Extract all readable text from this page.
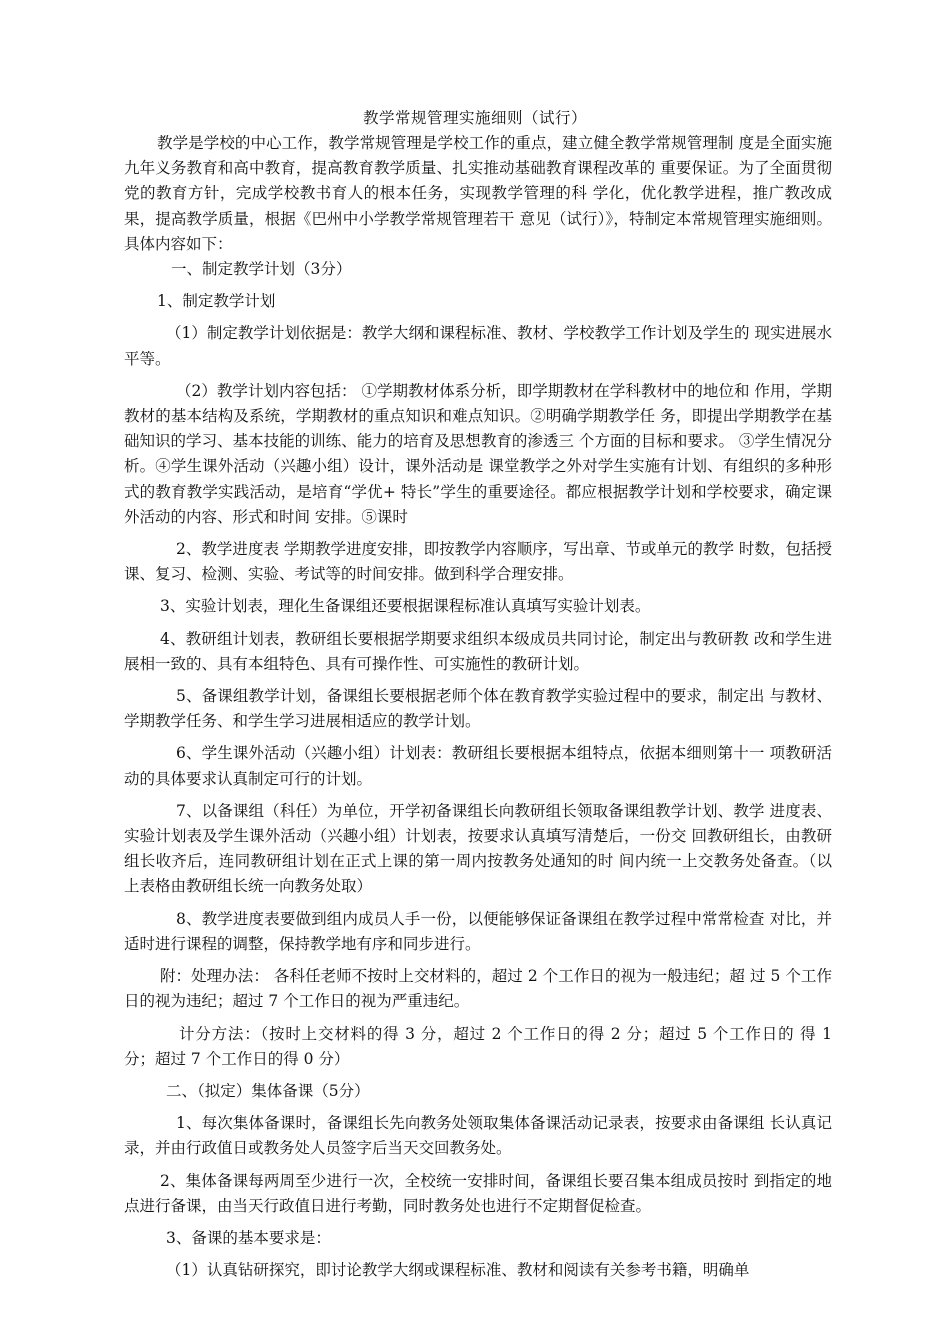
教学常规管理实施细则（试行）

教学是学校的中心工作，教学常规管理是学校工作的重点，建立健全教学常规管理制 度是全面实施九年义务教育和高中教育，提高教育教学质量、扎实推动基础教育课程改革的 重要保证。为了全面贯彻党的教育方针，完成学校教书育人的根本任务，实现教学管理的科 学化，优化教学进程，推广教改成果，提高教学质量，根据《巴州中小学教学常规管理若干 意见（试行）》，特制定本常规管理实施细则。具体内容如下：

一、制定教学计划（3分）

1、制定教学计划

（1）制定教学计划依据是：教学大纲和课程标准、教材、学校教学工作计划及学生的 现实进展水平等。

（2）教学计划内容包括： ①学期教材体系分析，即学期教材在学科教材中的地位和 作用，学期教材的基本结构及系统，学期教材的重点知识和难点知识。②明确学期教学任 务，即提出学期教学在基础知识的学习、基本技能的训练、能力的培育及思想教育的渗透三 个方面的目标和要求。 ③学生情况分析。④学生课外活动（兴趣小组）设计，课外活动是 课堂教学之外对学生实施有计划、有组织的多种形式的教育教学实践活动，是培育“学优+ 特长”学生的重要途径。都应根据教学计划和学校要求，确定课外活动的内容、形式和时间 安排。⑤课时

2、教学进度表 学期教学进度安排，即按教学内容顺序，写出章、节或单元的教学 时数，包括授课、复习、检测、实验、考试等的时间安排。做到科学合理安排。

3、实验计划表，理化生备课组还要根据课程标准认真填写实验计划表。

4、教研组计划表，教研组长要根据学期要求组织本级成员共同讨论，制定出与教研教 改和学生进展相一致的、具有本组特色、具有可操作性、可实施性的教研计划。

5、备课组教学计划，备课组长要根据老师个体在教育教学实验过程中的要求，制定出 与教材、学期教学任务、和学生学习进展相适应的教学计划。

6、学生课外活动（兴趣小组）计划表：教研组长要根据本组特点，依据本细则第十一 项教研活动的具体要求认真制定可行的计划。

7、以备课组（科任）为单位，开学初备课组长向教研组长领取备课组教学计划、教学 进度表、实验计划表及学生课外活动（兴趣小组）计划表，按要求认真填写清楚后，一份交 回教研组长，由教研组长收齐后，连同教研组计划在正式上课的第一周内按教务处通知的时 间内统一上交教务处备查。（以上表格由教研组长统一向教务处取）

8、教学进度表要做到组内成员人手一份，以便能够保证备课组在教学过程中常常检查 对比，并适时进行课程的调整，保持教学地有序和同步进行。

附：处理办法： 各科任老师不按时上交材料的，超过 2 个工作日的视为一般违纪；超 过 5 个工作日的视为违纪；超过 7 个工作日的视为严重违纪。

计分方法：（按时上交材料的得 3 分，超过 2 个工作日的得 2 分；超过 5 个工作日的 得 1 分；超过 7 个工作日的得 0 分）

二、（拟定）集体备课（5分）

1、每次集体备课时，备课组长先向教务处领取集体备课活动记录表，按要求由备课组 长认真记录，并由行政值日或教务处人员签字后当天交回教务处。

2、集体备课每两周至少进行一次，全校统一安排时间，备课组长要召集本组成员按时 到指定的地点进行备课，由当天行政值日进行考勤，同时教务处也进行不定期督促检查。

3、备课的基本要求是：

（1）认真钻研探究，即讨论教学大纲或课程标准、教材和阅读有关参考书籍，明确单
